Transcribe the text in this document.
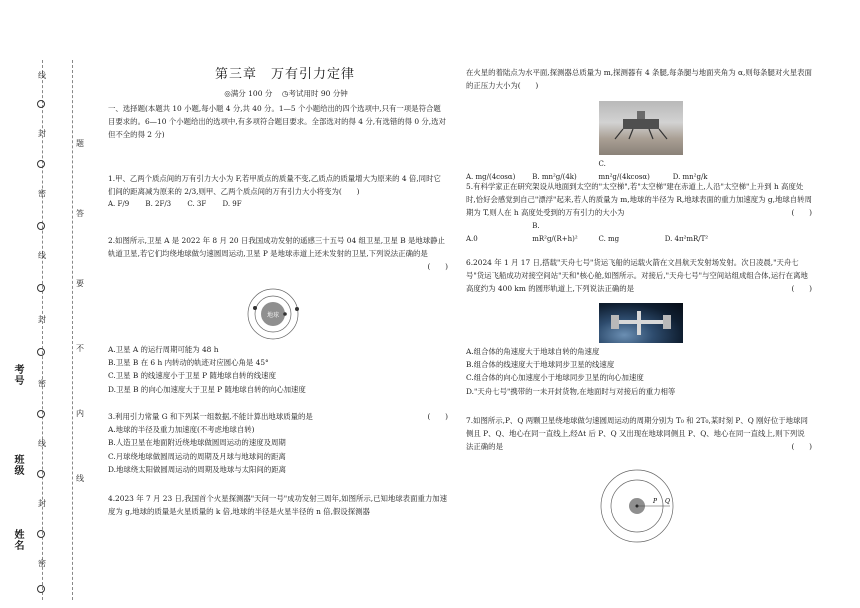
线
封
密
线
封
密
线
封
密
题
答
要
不
内
线
考号
班级
姓名
第三章　万有引力定律
◎满分 100 分 ◷考试用时 90 分钟

一、选择题(本题共 10 小题,每小题 4 分,共 40 分。1—5 个小题给出的四个选项中,只有一项是符合题目要求的。6—10 个小题给出的选项中,有多项符合题目要求。全部选对的得 4 分,有选错的得 0 分,选对但不全的得 2 分)

1.甲、乙两个质点间的万有引力大小为 F,若甲质点的质量不变,乙质点的质量增大为原来的 4 倍,同时它们间的距离减为原来的 2/3,则甲、乙两个质点间的万有引力大小将变为(　　)

A. F/9 B. 2F/3 C. 3F D. 9F

2.如图所示,卫星 A 是 2022 年 8 月 20 日我国成功发射的遥感三十五号 04 组卫星,卫星 B 是地球静止轨道卫星,若它们均绕地球做匀速圆周运动,卫星 P 是地球赤道上还未发射的卫星,下列说法正确的是
(　　)

地球

A.卫星 A 的运行周期可能为 48 h

B.卫星 B 在 6 h 内转动的轨迹对应圆心角是 45°

C.卫星 B 的线速度小于卫星 P 随地球自转的线速度

D.卫星 B 的向心加速度大于卫星 P 随地球自转的向心加速度

3.利用引力常量 G 和下列某一组数据,不能计算出地球质量的是	(　　)

A.地球的半径及重力加速度(不考虑地球自转)

B.人造卫星在地面附近绕地球做圆周运动的速度及周期

C.月球绕地球做圆周运动的周期及月球与地球间的距离

D.地球绕太阳做圆周运动的周期及地球与太阳间的距离

4.2023 年 7 月 23 日,我国首个火星探测器"天问一号"成功发射三周年,如图所示,已知地球表面重力加速度为 g,地球的质量是火星质量的 k 倍,地球的半径是火星半径的 n 倍,假设探测器

在火星的着陆点为水平面,探测器总质量为 m,探测器有 4 条腿,每条腿与地面夹角为 α,则每条腿对火星表面的正压力大小为(　　)

A. mg/(4cosα) B. mn²g/(4k) C. mn²g/(4kcosα)	D. mn²g/k

5.有科学家正在研究架设从地面到太空的"太空梯",若"太空梯"建在赤道上,人沿"太空梯"上升到 h 高度处时,恰好会感觉到自己"漂浮"起来,若人的质量为 m,地球的半径为 R,地球表面的重力加速度为 g,地球自转周期为 T,则人在 h 高度处受到的万有引力的大小为	(　　)

A.0 B. mR²g/(R+h)²	C. mg	D. 4π²mR/T²

6.2024 年 1 月 17 日,搭载"天舟七号"货运飞船的运载火箭在文昌航天发射场发射。次日凌晨,"天舟七号"货运飞船成功对接空间站"天和"核心舱,如图所示。对接后,"天舟七号"与空间站组成组合体,运行在离地高度约为 400 km 的圆形轨道上,下列说法正确的是	(　　)

A.组合体的角速度大于地球自转的角速度

B.组合体的线速度大于地球同步卫星的线速度

C.组合体的向心加速度小于地球同步卫星的向心加速度

D."天舟七号"携带的一未开封货物,在地面时与对接后的重力相等

7.如图所示,P、Q 两颗卫星绕地球做匀速圆周运动的周期分别为 T₀ 和 2T₀,某时刻 P、Q 刚好位于地球同侧且 P、Q、地心在同一直线上,经Δt 后 P、Q 又出现在地球同侧且 P、Q、地心在同一直线上,则下列说法正确的是	(　　)

P Q
